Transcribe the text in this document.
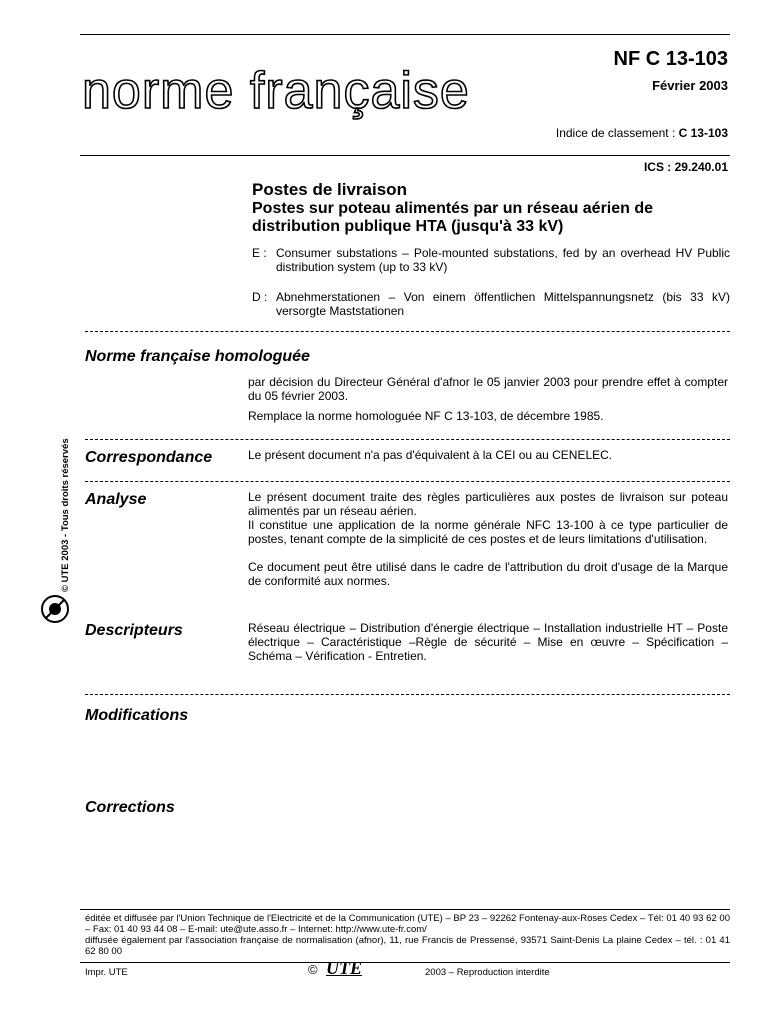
norme française
NF C 13-103
Février 2003
Indice de classement : C 13-103
ICS : 29.240.01
Postes de livraison
Postes sur poteau alimentés par un réseau aérien de distribution publique HTA (jusqu'à 33 kV)
E : Consumer substations – Pole-mounted substations, fed by an overhead HV Public distribution system (up to 33 kV)
D : Abnehmerstationen – Von einem öffentlichen Mittelspannungsnetz (bis 33 kV) versorgte Maststationen
Norme française homologuée

par décision du Directeur Général d'afnor le 05 janvier 2003 pour prendre effet à compter du 05 février 2003.

Remplace la norme homologuée NF C 13-103, de décembre 1985.

Correspondance	Le présent document n'a pas d'équivalent à la CEI ou au CENELEC.
Analyse	Le présent document traite des règles particulières aux postes de livraison sur poteau alimentés par un réseau aérien.

Il constitue une application de la norme générale NFC 13-100 à ce type particulier de postes, tenant compte de la simplicité de ces postes et de leurs limitations d'utilisation.

Ce document peut être utilisé dans le cadre de l'attribution du droit d'usage de la Marque de conformité aux normes.

Descripteurs	Réseau électrique – Distribution d'énergie électrique – Installation industrielle HT – Poste électrique – Caractéristique –Règle de sécurité – Mise en œuvre – Spécification – Schéma – Vérification - Entretien.
Modifications
Corrections
© UTE 2003 - Tous droits réservés
éditée et diffusée par l'Union Technique de l'Electricité et de la Communication (UTE) – BP 23 – 92262 Fontenay-aux-Roses Cedex – Tél: 01 40 93 62 00 – Fax: 01 40 93 44 08 – E-mail: ute@ute.asso.fr – Internet: http://www.ute-fr.com/
diffusée également par l'association française de normalisation (afnor), 11, rue Francis de Pressensé, 93571 Saint-Denis La plaine Cedex – tél. : 01 41 62 80 00
Impr. UTE	© UTE	2003 – Reproduction interdite
